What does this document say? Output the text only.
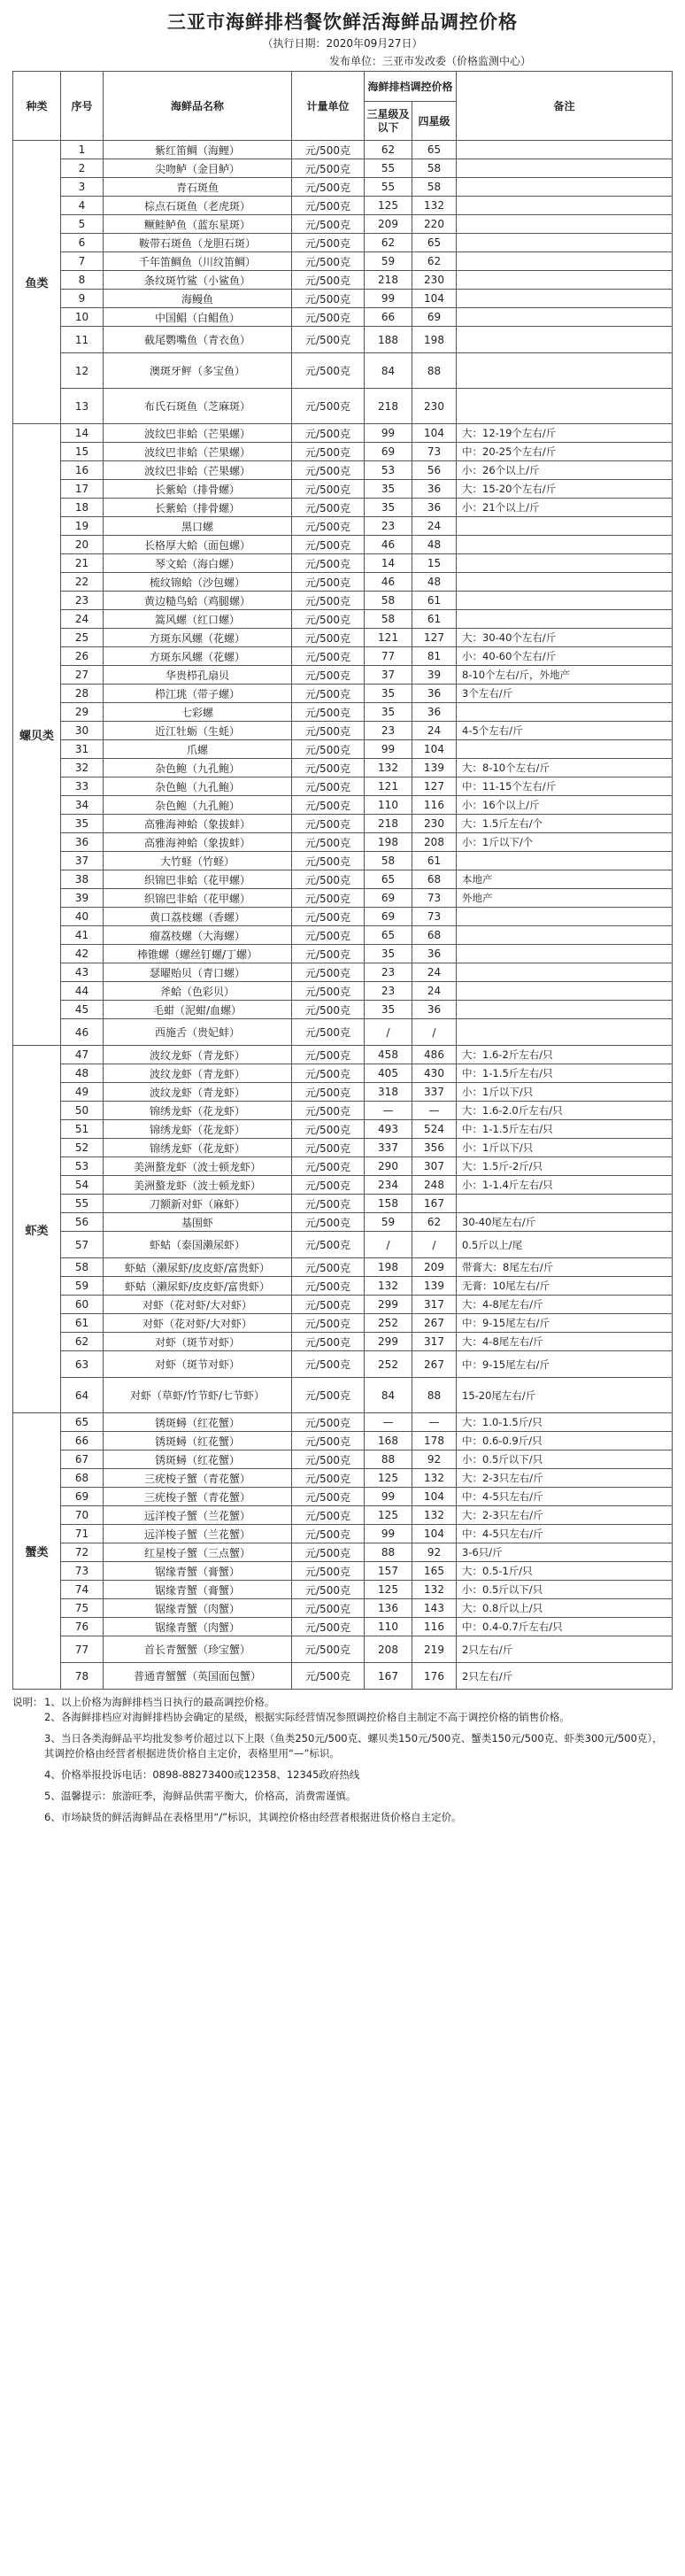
三亚市海鲜排档餐饮鲜活海鲜品调控价格
（执行日期：2020年09月27日）
发布单位：三亚市发改委（价格监测中心）
种类	序号	海鲜品名称	计量单位	海鲜排档调控价格		备注
				三星级及以下	四星级	
鱼类	1	紫红笛鲷（海鲤）	元/500克	62	65	
	2	尖吻鲈（金目鲈）	元/500克	55	58	
	3	青石斑鱼	元/500克	55	58	
	4	棕点石斑鱼（老虎斑）	元/500克	125	132	
	5	鳜鲑鲈鱼（蓝东星斑）	元/500克	209	220	
	6	鞍带石斑鱼（龙胆石斑）	元/500克	62	65	
	7	千年笛鲷鱼（川纹笛鲷）	元/500克	59	62	
	8	条纹斑竹鲨（小鲨鱼）	元/500克	218	230	
	9	海鳗鱼	元/500克	99	104	
	10	中国鲳（白鲳鱼）	元/500克	66	69	
	11	截尾鹦嘴鱼（青衣鱼）	元/500克	188	198	
	12	澳斑牙鲆（多宝鱼）	元/500克	84	88	
	13	布氏石斑鱼（芝麻斑）	元/500克	218	230	
螺贝类	14	波纹巴非蛤（芒果螺）	元/500克	99	104	大：12-19个左右/斤
	15	波纹巴非蛤（芒果螺）	元/500克	69	73	中：20-25个左右/斤
	16	波纹巴非蛤（芒果螺）	元/500克	53	56	小：26个以上/斤
	17	长紫蛤（排骨螺）	元/500克	35	36	大：15-20个左右/斤
	18	长紫蛤（排骨螺）	元/500克	35	36	小：21个以上/斤
	19	黑口螺	元/500克	23	24	
	20	长格厚大蛤（面包螺）	元/500克	46	48	
	21	琴文蛤（海白螺）	元/500克	14	15	
	22	梳纹锦蛤（沙包螺）	元/500克	46	48	
	23	黄边糙鸟蛤（鸡腿螺）	元/500克	58	61	
	24	篙风螺（红口螺）	元/500克	58	61	
	25	方斑东风螺（花螺）	元/500克	121	127	大：30-40个左右/斤
	26	方斑东风螺（花螺）	元/500克	77	81	小：40-60个左右/斤
	27	华贵栉孔扇贝	元/500克	37	39	8-10个左右/斤，外地产
	28	栉江珧（带子螺）	元/500克	35	36	3个左右/斤
	29	七彩螺	元/500克	35	36	
	30	近江牡蛎（生蚝）	元/500克	23	24	4-5个左右/斤
	31	爪螺	元/500克	99	104	
	32	杂色鲍（九孔鲍）	元/500克	132	139	大：8-10个左右/斤
	33	杂色鲍（九孔鲍）	元/500克	121	127	中：11-15个左右/斤
	34	杂色鲍（九孔鲍）	元/500克	110	116	小：16个以上/斤
	35	高雅海神蛤（象拔蚌）	元/500克	218	230	大：1.5斤左右/个
	36	高雅海神蛤（象拔蚌）	元/500克	198	208	小：1斤以下/个
	37	大竹蛏（竹蛏）	元/500克	58	61	
	38	织锦巴非蛤（花甲螺）	元/500克	65	68	本地产
	39	织锦巴非蛤（花甲螺）	元/500克	69	73	外地产
	40	黄口荔枝螺（香螺）	元/500克	69	73	
	41	瘤荔枝螺（大海螺）	元/500克	65	68	
	42	棒锥螺（螺丝钉螺/丁螺）	元/500克	35	36	
	43	瑟曜贻贝（青口螺）	元/500克	23	24	
	44	斧蛤（色彩贝）	元/500克	23	24	
	45	毛蚶（泥蚶/血螺）	元/500克	35	36	
	46	西施舌（贵妃蚌）	元/500克	/	/	
虾类	47	波纹龙虾（青龙虾）	元/500克	458	486	大：1.6-2斤左右/只
	48	波纹龙虾（青龙虾）	元/500克	405	430	中：1-1.5斤左右/只
	49	波纹龙虾（青龙虾）	元/500克	318	337	小：1斤以下/只
	50	锦绣龙虾（花龙虾）	元/500克	—	—	大：1.6-2.0斤左右/只
	51	锦绣龙虾（花龙虾）	元/500克	493	524	中：1-1.5斤左右/只
	52	锦绣龙虾（花龙虾）	元/500克	337	356	小：1斤以下/只
	53	美洲螯龙虾（波士顿龙虾）	元/500克	290	307	大：1.5斤-2斤/只
	54	美洲螯龙虾（波士顿龙虾）	元/500克	234	248	小：1-1.4斤左右/只
	55	刀额新对虾（麻虾）	元/500克	158	167	
	56	基围虾	元/500克	59	62	30-40尾左右/斤
	57	虾蛄（泰国濑尿虾）	元/500克	/	/	0.5斤以上/尾
	58	虾蛄（濑尿虾/皮皮虾/富贵虾）	元/500克	198	209	带膏大：8尾左右/斤
	59	虾蛄（濑尿虾/皮皮虾/富贵虾）	元/500克	132	139	无膏：10尾左右/斤
	60	对虾（花对虾/大对虾）	元/500克	299	317	大：4-8尾左右/斤
	61	对虾（花对虾/大对虾）	元/500克	252	267	中：9-15尾左右/斤
	62	对虾（斑节对虾）	元/500克	299	317	大：4-8尾左右/斤
	63	对虾（斑节对虾）	元/500克	252	267	中：9-15尾左右/斤
	64	对虾（草虾/竹节虾/七节虾）	元/500克	84	88	15-20尾左右/斤
蟹类	65	锈斑蟳（红花蟹）	元/500克	—	—	大：1.0-1.5斤/只
	66	锈斑蟳（红花蟹）	元/500克	168	178	中：0.6-0.9斤/只
	67	锈斑蟳（红花蟹）	元/500克	88	92	小：0.5斤以下/只
	68	三疣梭子蟹（青花蟹）	元/500克	125	132	大：2-3只左右/斤
	69	三疣梭子蟹（青花蟹）	元/500克	99	104	中：4-5只左右/斤
	70	远洋梭子蟹（兰花蟹）	元/500克	125	132	大：2-3只左右/斤
	71	远洋梭子蟹（兰花蟹）	元/500克	99	104	中：4-5只左右/斤
	72	红星梭子蟹（三点蟹）	元/500克	88	92	3-6只/斤
	73	锯缘青蟹（膏蟹）	元/500克	157	165	大：0.5-1斤/只
	74	锯缘青蟹（膏蟹）	元/500克	125	132	小：0.5斤以下/只
	75	锯缘青蟹（肉蟹）	元/500克	136	143	大：0.8斤以上/只
	76	锯缘青蟹（肉蟹）	元/500克	110	116	中：0.4-0.7斤左右/只
	77	首长青蟹蟹（珍宝蟹）	元/500克	208	219	2只左右/斤
	78	普通青蟹蟹（英国面包蟹）	元/500克	167	176	2只左右/斤
说明： 1、以上价格为海鲜排档当日执行的最高调控价格。

2、各海鲜排档应对海鲜排档协会确定的星级，根据实际经营情况参照调控价格自主制定不高于调控价格的销售价格。

3、当日各类海鲜品平均批发参考价超过以下上限（鱼类250元/500克、螺贝类150元/500克、蟹类150元/500克、虾类300元/500克），其调控价格由经营者根据进货价格自主定价，表格里用“—”标识。

4、价格举报投诉电话：0898-88273400或12358、12345政府热线

5、温馨提示：旅游旺季，海鲜品供需平衡大，价格高，消费需谨慎。

6、市场缺货的鲜活海鲜品在表格里用“/”标识，其调控价格由经营者根据进货价格自主定价。
